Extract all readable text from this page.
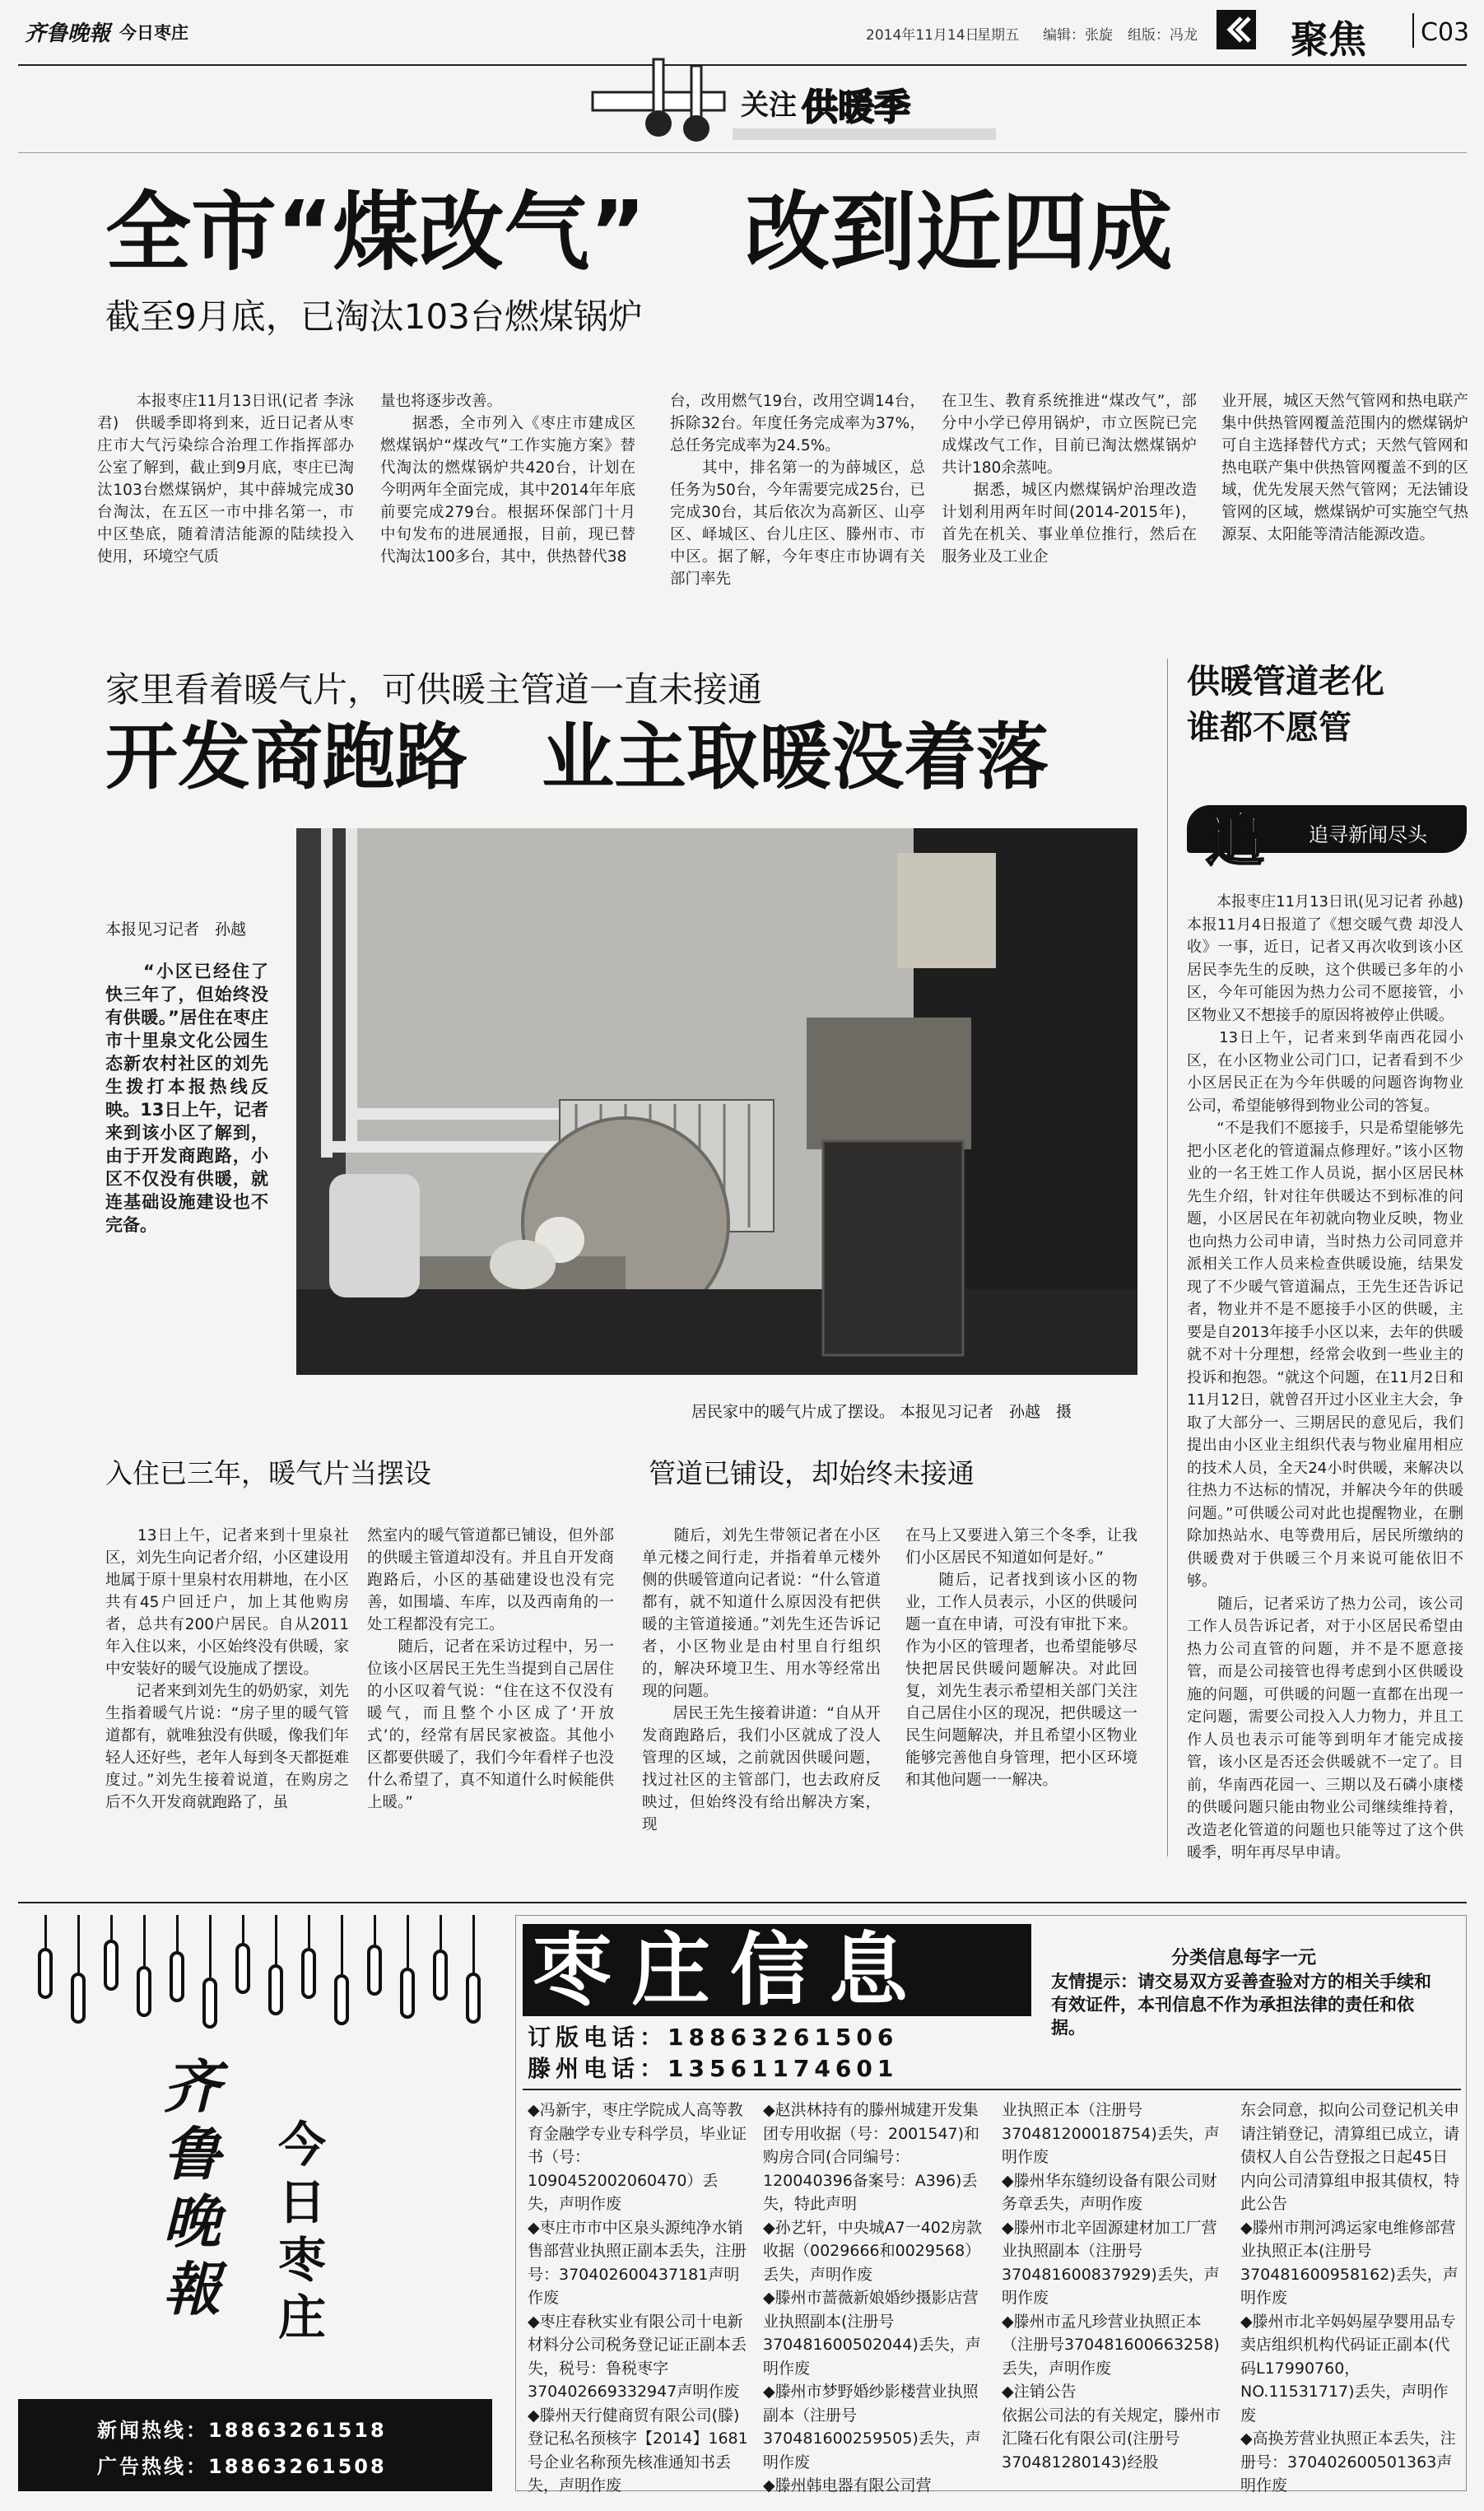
齐鲁晚報 今日枣庄	2014年11月14日
星期五 编辑：张旋 组版：冯龙 聚焦 C03
关注 供暖季
全市“煤改气” 改到近四成
截至9月底，已淘汰103台燃煤锅炉
本报枣庄11月13日讯(记者 李泳君)　供暖季即将到来，近日记者从枣庄市大气污染综合治理工作指挥部办公室了解到，截止到9月底，枣庄已淘汰103台燃煤锅炉，其中薛城完成30台淘汰，在五区一市中排名第一，市中区垫底，随着清洁能源的陆续投入使用，环境空气质
量也将逐步改善。
　　据悉，全市列入《枣庄市建成区燃煤锅炉“煤改气”工作实施方案》替代淘汰的燃煤锅炉共420台，计划在今明两年全面完成，其中2014年年底前要完成279台。根据环保部门十月中旬发布的进展通报，目前，现已替代淘汰100多台，其中，供热替代38
台，改用燃气19台，改用空调14台，拆除32台。年度任务完成率为37%，总任务完成率为24.5%。
　　其中，排名第一的为薛城区，总任务为50台，今年需要完成25台，已完成30台，其后依次为高新区、山亭区、峄城区、台儿庄区、滕州市、市中区。据了解，今年枣庄市协调有关部门率先
在卫生、教育系统推进“煤改气”，部分中小学已停用锅炉，市立医院已完成煤改气工作，目前已淘汰燃煤锅炉共计180余蒸吨。
　　据悉，城区内燃煤锅炉治理改造计划利用两年时间(2014-2015年)，首先在机关、事业单位推行，然后在服务业及工业企
业开展，城区天然气管网和热电联产集中供热管网覆盖范围内的燃煤锅炉可自主选择替代方式；天然气管网和热电联产集中供热管网覆盖不到的区域，优先发展天然气管网；无法铺设管网的区域，燃煤锅炉可实施空气热源泵、太阳能等清洁能源改造。
家里看着暖气片，可供暖主管道一直未接通
开发商跑路 业主取暖没着落
本报见习记者　孙越
　　“小区已经住了快三年了，但始终没有供暖。”居住在枣庄市十里泉文化公园生态新农村社区的刘先生拨打本报热线反映。13日上午，记者来到该小区了解到，由于开发商跑路，小区不仅没有供暖，就连基础设施建设也不完备。
居民家中的暖气片成了摆设。 本报见习记者　孙越　摄
入住已三年，暖气片当摆设	管道已铺设，却始终未接通
　　13日上午，记者来到十里泉社区，刘先生向记者介绍，小区建设用地属于原十里泉村农用耕地，在小区共有45户回迁户，加上其他购房者，总共有200户居民。自从2011年入住以来，小区始终没有供暖，家中安装好的暖气设施成了摆设。
　　记者来到刘先生的奶奶家，刘先生指着暖气片说：“房子里的暖气管道都有，就唯独没有供暖，像我们年轻人还好些，老年人每到冬天都挺难度过。”刘先生接着说道，在购房之后不久开发商就跑路了，虽
然室内的暖气管道都已铺设，但外部的供暖主管道却没有。并且自开发商跑路后，小区的基础建设也没有完善，如围墙、车库，以及西南角的一处工程都没有完工。
　　随后，记者在采访过程中，另一位该小区居民王先生当提到自己居住的小区叹着气说：“住在这不仅没有暖气，而且整个小区成了‘开放式’的，经常有居民家被盗。其他小区都要供暖了，我们今年看样子也没什么希望了，真不知道什么时候能供上暖。”
　　随后，刘先生带领记者在小区单元楼之间行走，并指着单元楼外侧的供暖管道向记者说：“什么管道都有，就不知道什么原因没有把供暖的主管道接通。”刘先生还告诉记者，小区物业是由村里自行组织的，解决环境卫生、用水等经常出现的问题。
　　居民王先生接着讲道：“自从开发商跑路后，我们小区就成了没人管理的区域，之前就因供暖问题，找过社区的主管部门，也去政府反映过，但始终没有给出解决方案，现
在马上又要进入第三个冬季，让我们小区居民不知道如何是好。”
　　随后，记者找到该小区的物业，工作人员表示，小区的供暖问题一直在申请，可没有审批下来。作为小区的管理者，也希望能够尽快把居民供暖问题解决。对此回复，刘先生表示希望相关部门关注自己居住小区的现况，把供暖这一民生问题解决，并且希望小区物业能够完善他自身管理，把小区环境和其他问题一一解决。
供暖管道老化
谁都不愿管
追 追寻新闻尽头
　　本报枣庄11月13日讯(见习记者 孙越)　本报11月4日报道了《想交暖气费 却没人收》一事，近日，记者又再次收到该小区居民李先生的反映，这个供暖已多年的小区，今年可能因为热力公司不愿接管，小区物业又不想接手的原因将被停止供暖。
　　13日上午，记者来到华南西花园小区，在小区物业公司门口，记者看到不少小区居民正在为今年供暖的问题咨询物业公司，希望能够得到物业公司的答复。
　　“不是我们不愿接手，只是希望能够先把小区老化的管道漏点修理好。”该小区物业的一名王姓工作人员说，据小区居民林先生介绍，针对往年供暖达不到标准的问题，小区居民在年初就向物业反映，物业也向热力公司申请，当时热力公司同意并派相关工作人员来检查供暖设施，结果发现了不少暖气管道漏点，王先生还告诉记者，物业并不是不愿接手小区的供暖，主要是自2013年接手小区以来，去年的供暖就不对十分理想，经常会收到一些业主的投诉和抱怨。“就这个问题，在11月2日和11月12日，就曾召开过小区业主大会，争取了大部分一、三期居民的意见后，我们提出由小区业主组织代表与物业雇用相应的技术人员，全天24小时供暖，来解决以往热力不达标的情况，并解决今年的供暖问题。”可供暖公司对此也提醒物业，在删除加热站水、电等费用后，居民所缴纳的供暖费对于供暖三个月来说可能依旧不够。
　　随后，记者采访了热力公司，该公司工作人员告诉记者，对于小区居民希望由热力公司直管的问题，并不是不愿意接管，而是公司接管也得考虑到小区供暖设施的问题，可供暖的问题一直都在出现一定问题，需要公司投入人力物力，并且工作人员也表示可能等到明年才能完成接管，该小区是否还会供暖就不一定了。目前，华南西花园一、三期以及石磷小康楼的供暖问题只能由物业公司继续维持着，改造老化管道的问题也只能等过了这个供暖季，明年再尽早申请。
齐鲁晚報
今日枣庄
新闻热线：18863261518
广告热线：18863261508
枣庄信息	分类信息每字一元
友情提示：请交易双方妥善查验对方的相关手续和有效证件，本刊信息不作为承担法律的责任和依据。
订版电话：18863261506
滕州电话：13561174601
◆冯新宇，枣庄学院成人高等教育金融学专业专科学员，毕业证书（号：1090452002060470）丢失，声明作废
◆枣庄市市中区泉头源纯净水销售部营业执照正副本丢失，注册号：370402600437181声明作废
◆枣庄春秋实业有限公司十电新材料分公司税务登记证正副本丢失，税号：鲁税枣字370402669332947声明作废
◆滕州天行健商贸有限公司(滕)登记私名预核字【2014】1681号企业名称预先核准通知书丢失，声明作废
◆赵洪林持有的滕州城建开发集团专用收据（号：2001547)和购房合同(合同编号：120040396备案号：A396)丢失，特此声明
◆孙艺轩，中央城A7一402房款收据（0029666和0029568）丢失，声明作废
◆滕州市蔷薇新娘婚纱摄影店营业执照副本(注册号370481600502044)丢失，声明作废
◆滕州市梦野婚纱影楼营业执照副本（注册号370481600259505)丢失，声明作废
◆滕州韩电器有限公司营
业执照正本（注册号370481200018754)丢失，声明作废
◆滕州华东缝纫设备有限公司财务章丢失，声明作废
◆滕州市北辛固源建材加工厂营业执照副本（注册号370481600837929)丢失，声明作废
◆滕州市孟凡珍营业执照正本（注册号370481600663258)丢失，声明作废
◆注销公告
依据公司法的有关规定，滕州市汇隆石化有限公司(注册号370481280143)经股
东会同意，拟向公司登记机关申请注销登记，清算组已成立，请债权人自公告登报之日起45日内向公司清算组申报其债权，特此公告
◆滕州市荆河鸿运家电维修部营业执照正本(注册号370481600958162)丢失，声明作废
◆滕州市北辛妈妈屋孕婴用品专卖店组织机构代码证正副本(代码L17990760，NO.11531717)丢失，声明作废
◆高换芳营业执照正本丢失，注册号：370402600501363声明作废
